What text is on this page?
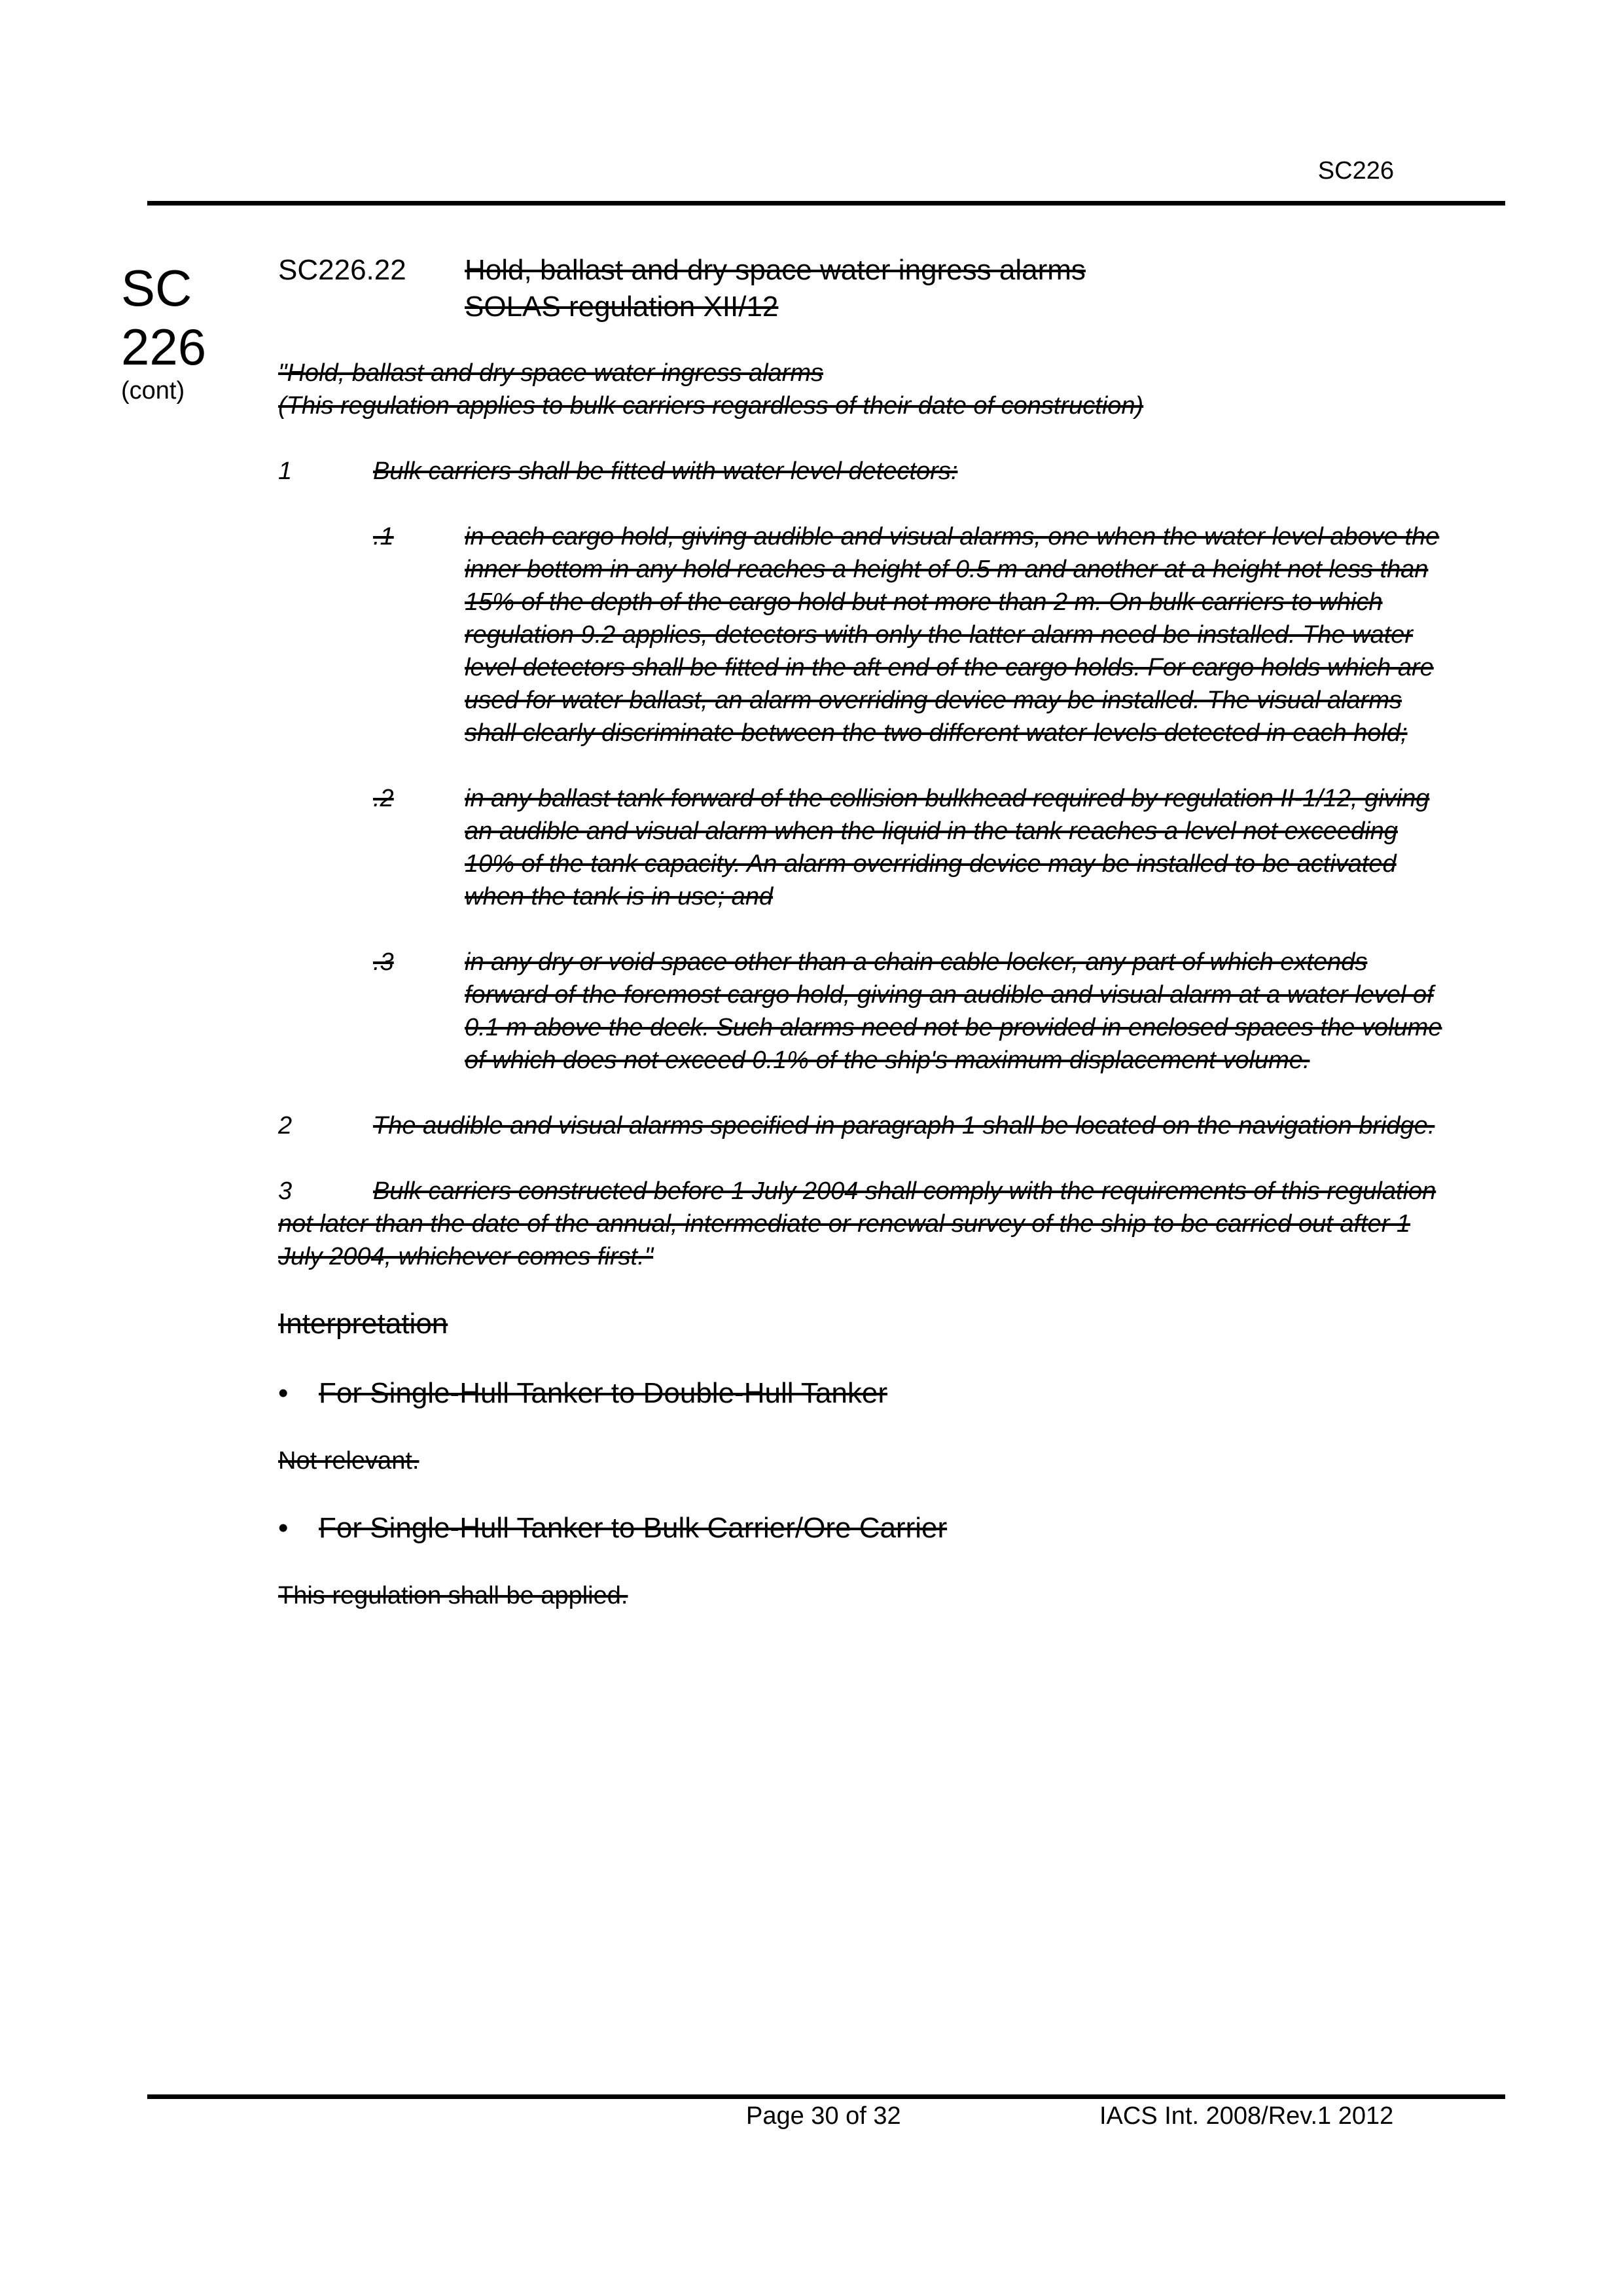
SC226
SC
226
(cont)
SC226.22 Hold, ballast and dry space water ingress alarms
SOLAS regulation XII/12

"Hold, ballast and dry space water ingress alarms

(This regulation applies to bulk carriers regardless of their date of construction)

1	Bulk carriers shall be fitted with water level detectors:

.1	in each cargo hold, giving audible and visual alarms, one when the water level above the inner bottom in any hold reaches a height of 0.5 m and another at a height not less than 15% of the depth of the cargo hold but not more than 2 m. On bulk carriers to which regulation 9.2 applies, detectors with only the latter alarm need be installed. The water level detectors shall be fitted in the aft end of the cargo holds. For cargo holds which are used for water ballast, an alarm overriding device may be installed. The visual alarms shall clearly discriminate between the two different water levels detected in each hold;
.2	in any ballast tank forward of the collision bulkhead required by regulation II-1/12, giving an audible and visual alarm when the liquid in the tank reaches a level not exceeding 10% of the tank capacity. An alarm overriding device may be installed to be activated when the tank is in use; and
.3	in any dry or void space other than a chain cable locker, any part of which extends forward of the foremost cargo hold, giving an audible and visual alarm at a water level of 0.1 m above the deck. Such alarms need not be provided in enclosed spaces the volume of which does not exceed 0.1% of the ship's maximum displacement volume.

2	The audible and visual alarms specified in paragraph 1 shall be located on the navigation bridge.

3	Bulk carriers constructed before 1 July 2004 shall comply with the requirements of this regulation not later than the date of the annual, intermediate or renewal survey of the ship to be carried out after 1 July 2004, whichever comes first."

Interpretation
• For Single-Hull Tanker to Double-Hull Tanker

Not relevant.

• For Single-Hull Tanker to Bulk Carrier/Ore Carrier

This regulation shall be applied.

Page 30 of 32	IACS Int. 2008/Rev.1 2012
